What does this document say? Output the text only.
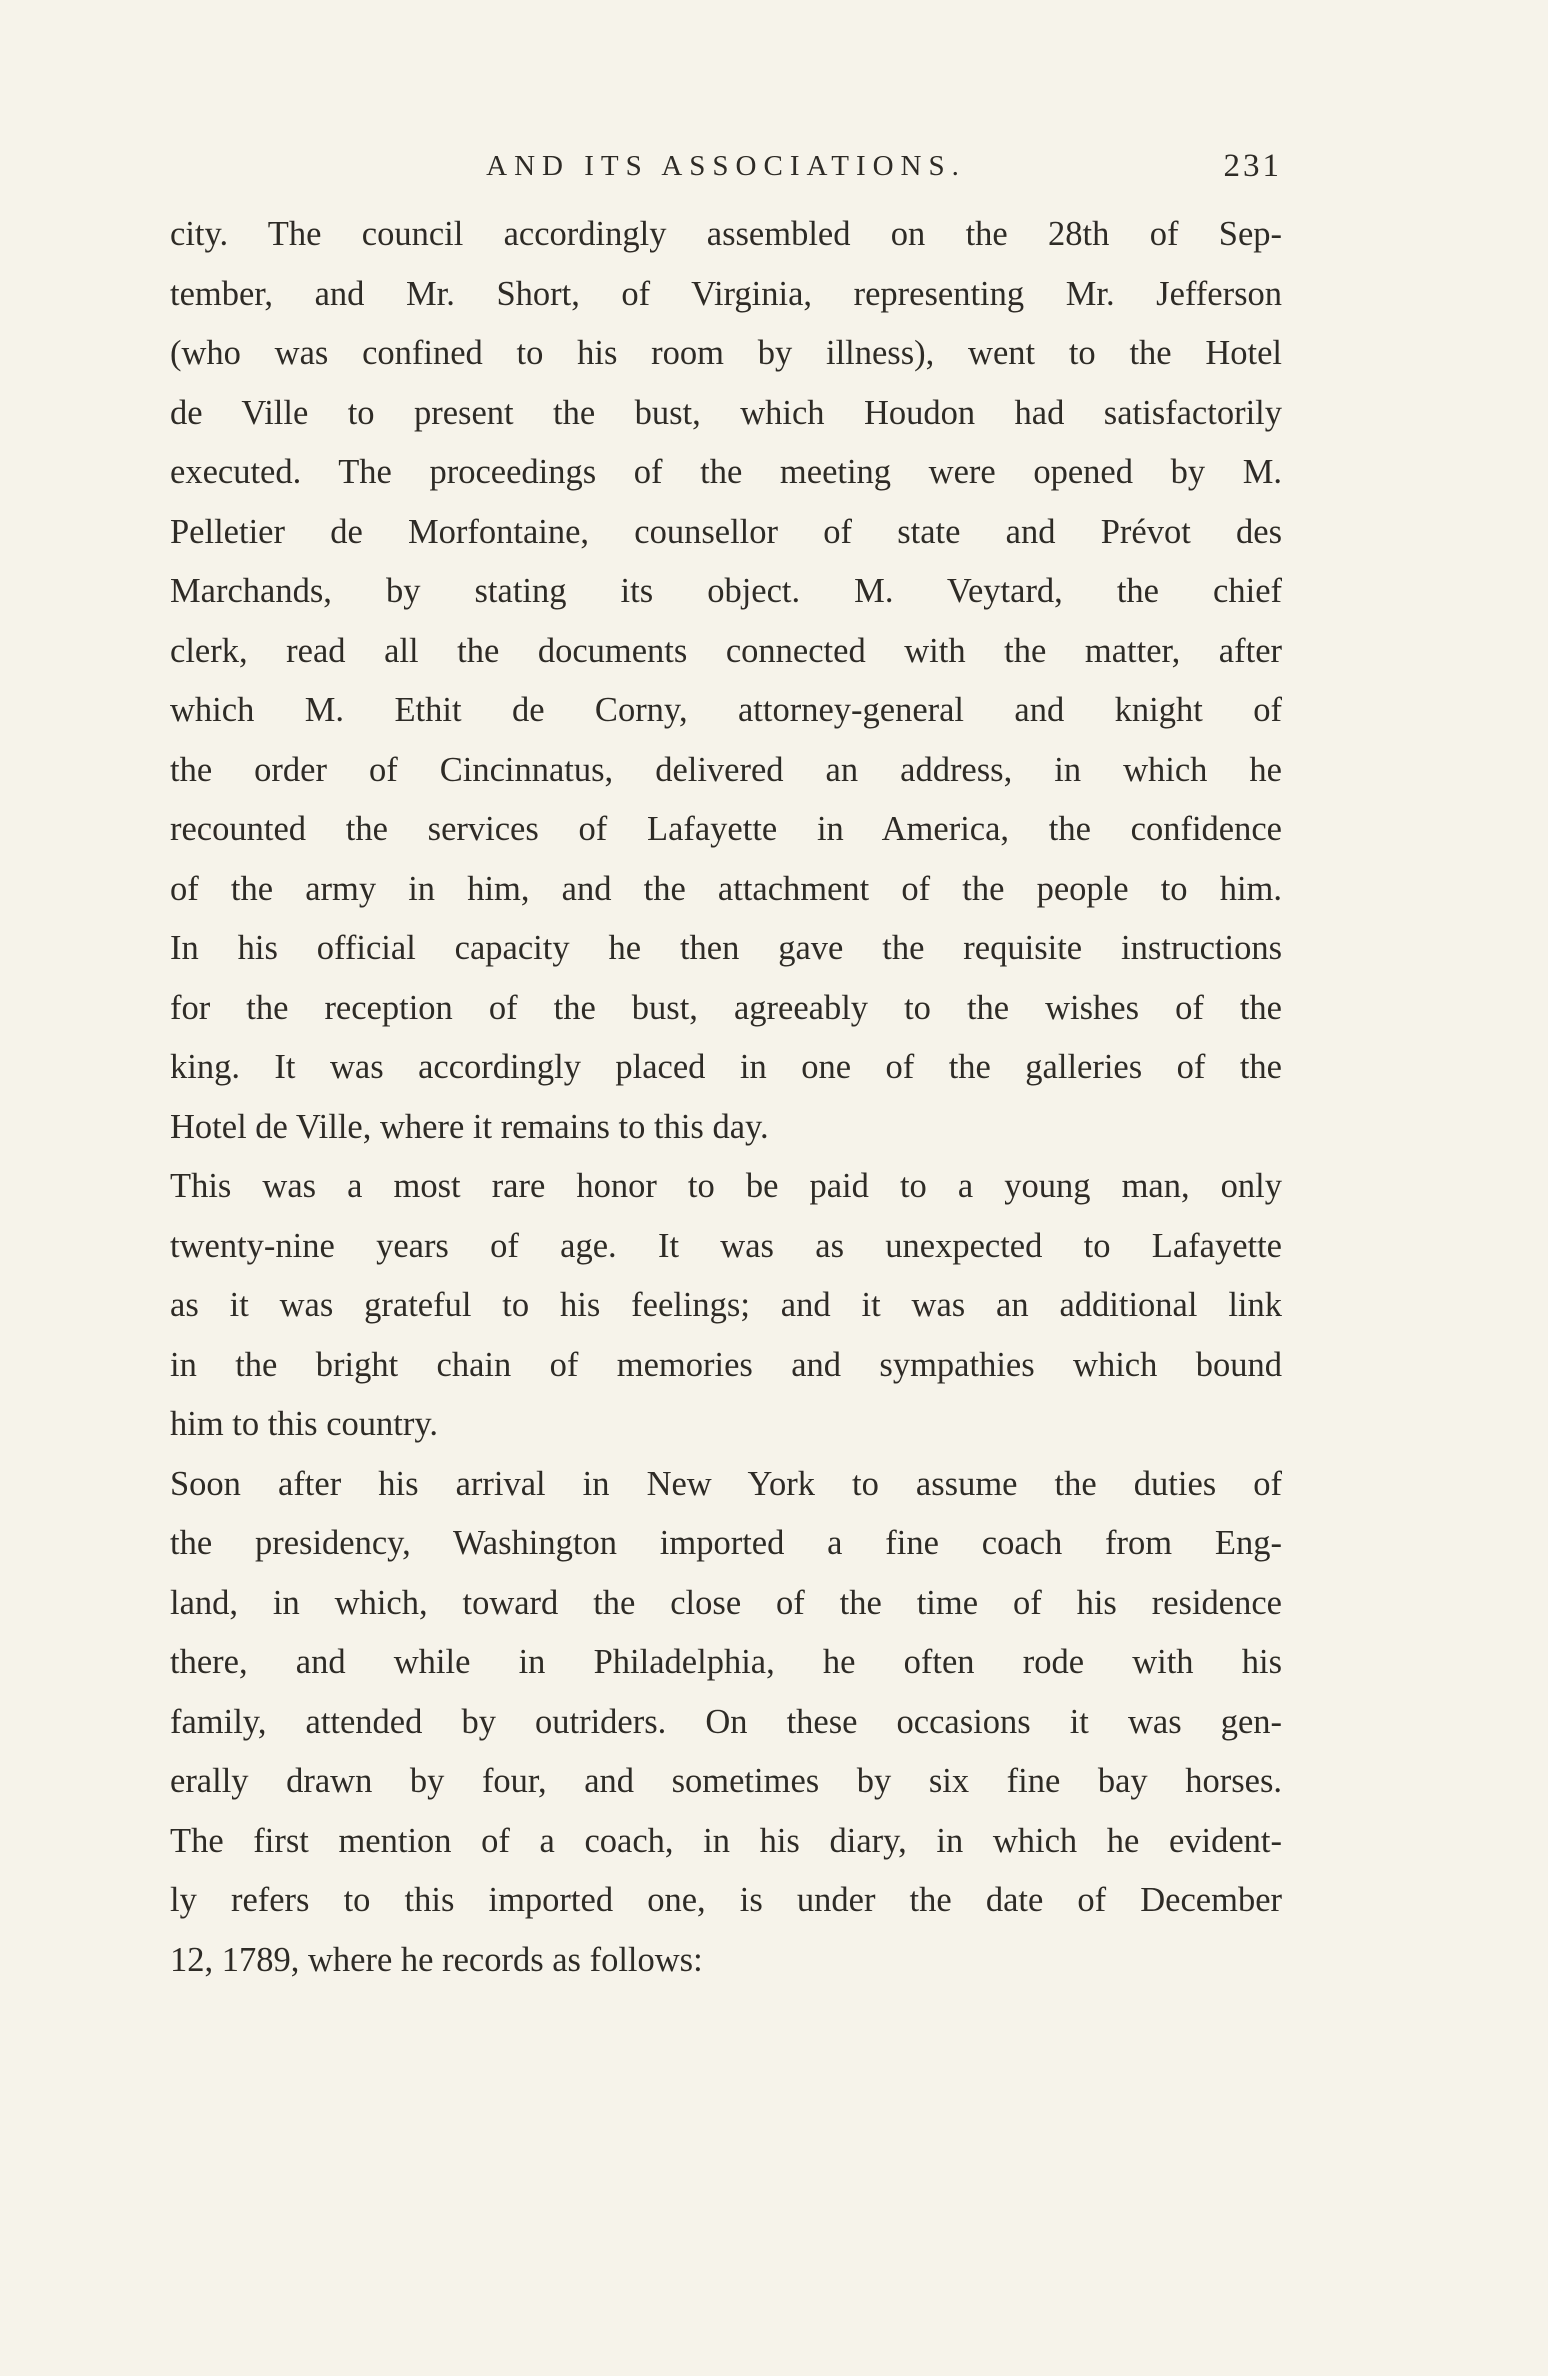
AND ITS ASSOCIATIONS.	231
city. The council accordingly assembled on the 28th of Sep-
tember, and Mr. Short, of Virginia, representing Mr. Jefferson
(who was confined to his room by illness), went to the Hotel
de Ville to present the bust, which Houdon had satisfactorily
executed. The proceedings of the meeting were opened by M.
Pelletier de Morfontaine, counsellor of state and Prévot des
Marchands, by stating its object. M. Veytard, the chief
clerk, read all the documents connected with the matter, after
which M. Ethit de Corny, attorney-general and knight of
the order of Cincinnatus, delivered an address, in which he
recounted the services of Lafayette in America, the confidence
of the army in him, and the attachment of the people to him.
In his official capacity he then gave the requisite instructions
for the reception of the bust, agreeably to the wishes of the
king. It was accordingly placed in one of the galleries of the
Hotel de Ville, where it remains to this day.
This was a most rare honor to be paid to a young man, only
twenty-nine years of age. It was as unexpected to Lafayette
as it was grateful to his feelings; and it was an additional link
in the bright chain of memories and sympathies which bound
him to this country.
Soon after his arrival in New York to assume the duties of
the presidency, Washington imported a fine coach from Eng-
land, in which, toward the close of the time of his residence
there, and while in Philadelphia, he often rode with his
family, attended by outriders. On these occasions it was gen-
erally drawn by four, and sometimes by six fine bay horses.
The first mention of a coach, in his diary, in which he evident-
ly refers to this imported one, is under the date of December
12, 1789, where he records as follows:
